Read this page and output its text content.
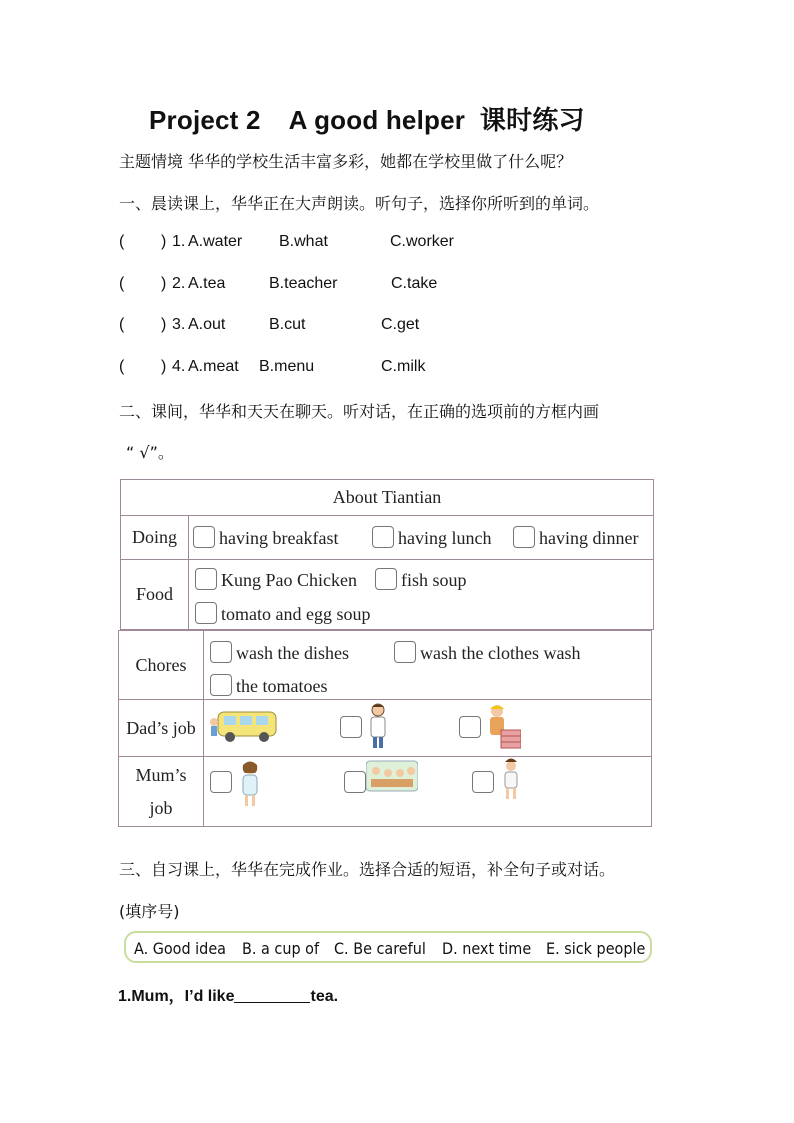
Project 2 A good helper 课时练习
主题情境 华华的学校生活丰富多彩，她都在学校里做了什么呢？
一、晨读课上，华华正在大声朗读。听句子，选择你所听到的单词。
( ) 1. A.water B.what	C.worker
( ) 2. A.tea	B.teacher	C.take
( ) 3. A.out	B.cut	C.get
( ) 4. A.meat B.menu	C.milk
二、课间，华华和天天在聊天。听对话，在正确的选项前的方框内画
“ √”。
About Tiantian	
Doing	having breakfast having lunch having dinner

Food	Kung Pao Chicken fish soup
tomato and egg soup
Chores	wash the dishes wash the clothes wash
the tomatoes

Dad’s job	

Mum’s
job

三、自习课上，华华在完成作业。选择合适的短语，补全句子或对话。
(填序号)
A. Good idea B. a cup of C. Be careful D. next time E. sick people
1.Mum，I’d like	tea.
